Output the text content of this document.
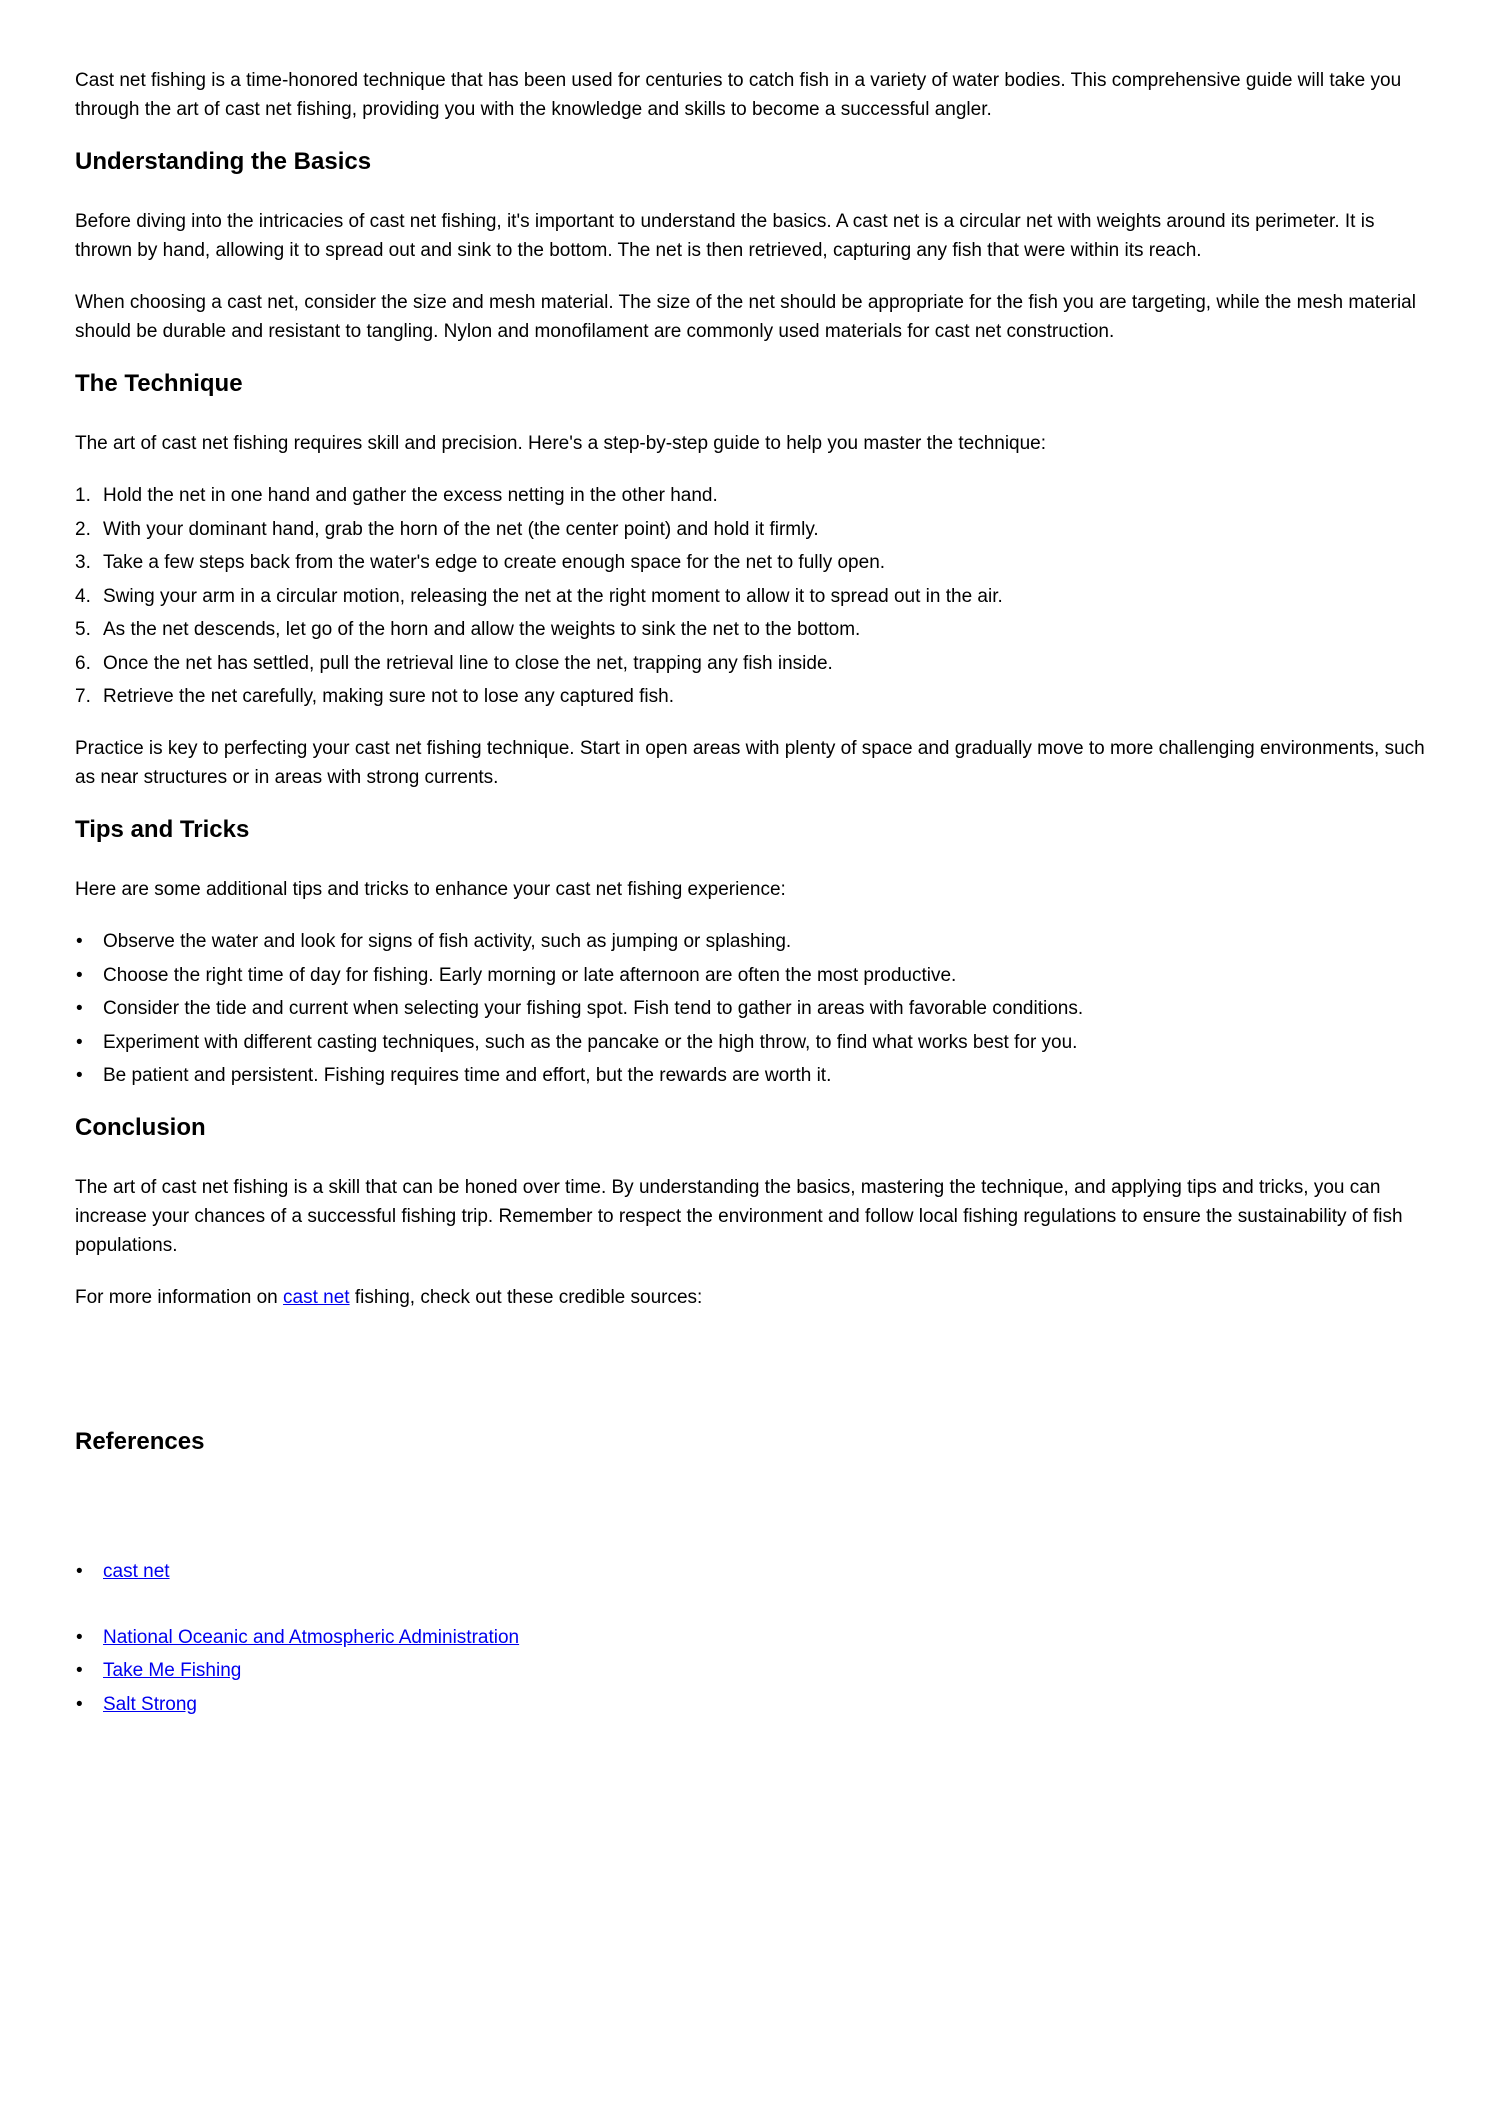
Cast net fishing is a time-honored technique that has been used for centuries to catch fish in a variety of water bodies. This comprehensive guide will take you through the art of cast net fishing, providing you with the knowledge and skills to become a successful angler.

Understanding the Basics

Before diving into the intricacies of cast net fishing, it's important to understand the basics. A cast net is a circular net with weights around its perimeter. It is thrown by hand, allowing it to spread out and sink to the bottom. The net is then retrieved, capturing any fish that were within its reach.

When choosing a cast net, consider the size and mesh material. The size of the net should be appropriate for the fish you are targeting, while the mesh material should be durable and resistant to tangling. Nylon and monofilament are commonly used materials for cast net construction.

The Technique

The art of cast net fishing requires skill and precision. Here's a step-by-step guide to help you master the technique:

1. Hold the net in one hand and gather the excess netting in the other hand.
2. With your dominant hand, grab the horn of the net (the center point) and hold it firmly.
3. Take a few steps back from the water's edge to create enough space for the net to fully open.
4. Swing your arm in a circular motion, releasing the net at the right moment to allow it to spread out in the air.
5. As the net descends, let go of the horn and allow the weights to sink the net to the bottom.
6. Once the net has settled, pull the retrieval line to close the net, trapping any fish inside.
7. Retrieve the net carefully, making sure not to lose any captured fish.

Practice is key to perfecting your cast net fishing technique. Start in open areas with plenty of space and gradually move to more challenging environments, such as near structures or in areas with strong currents.

Tips and Tricks

Here are some additional tips and tricks to enhance your cast net fishing experience:

• Observe the water and look for signs of fish activity, such as jumping or splashing.
• Choose the right time of day for fishing. Early morning or late afternoon are often the most productive.
• Consider the tide and current when selecting your fishing spot. Fish tend to gather in areas with favorable conditions.
• Experiment with different casting techniques, such as the pancake or the high throw, to find what works best for you.
• Be patient and persistent. Fishing requires time and effort, but the rewards are worth it.
Conclusion

The art of cast net fishing is a skill that can be honed over time. By understanding the basics, mastering the technique, and applying tips and tricks, you can increase your chances of a successful fishing trip. Remember to respect the environment and follow local fishing regulations to ensure the sustainability of fish populations.

For more information on cast net fishing, check out these credible sources:

References
• cast net
• National Oceanic and Atmospheric Administration
• Take Me Fishing
• Salt Strong
